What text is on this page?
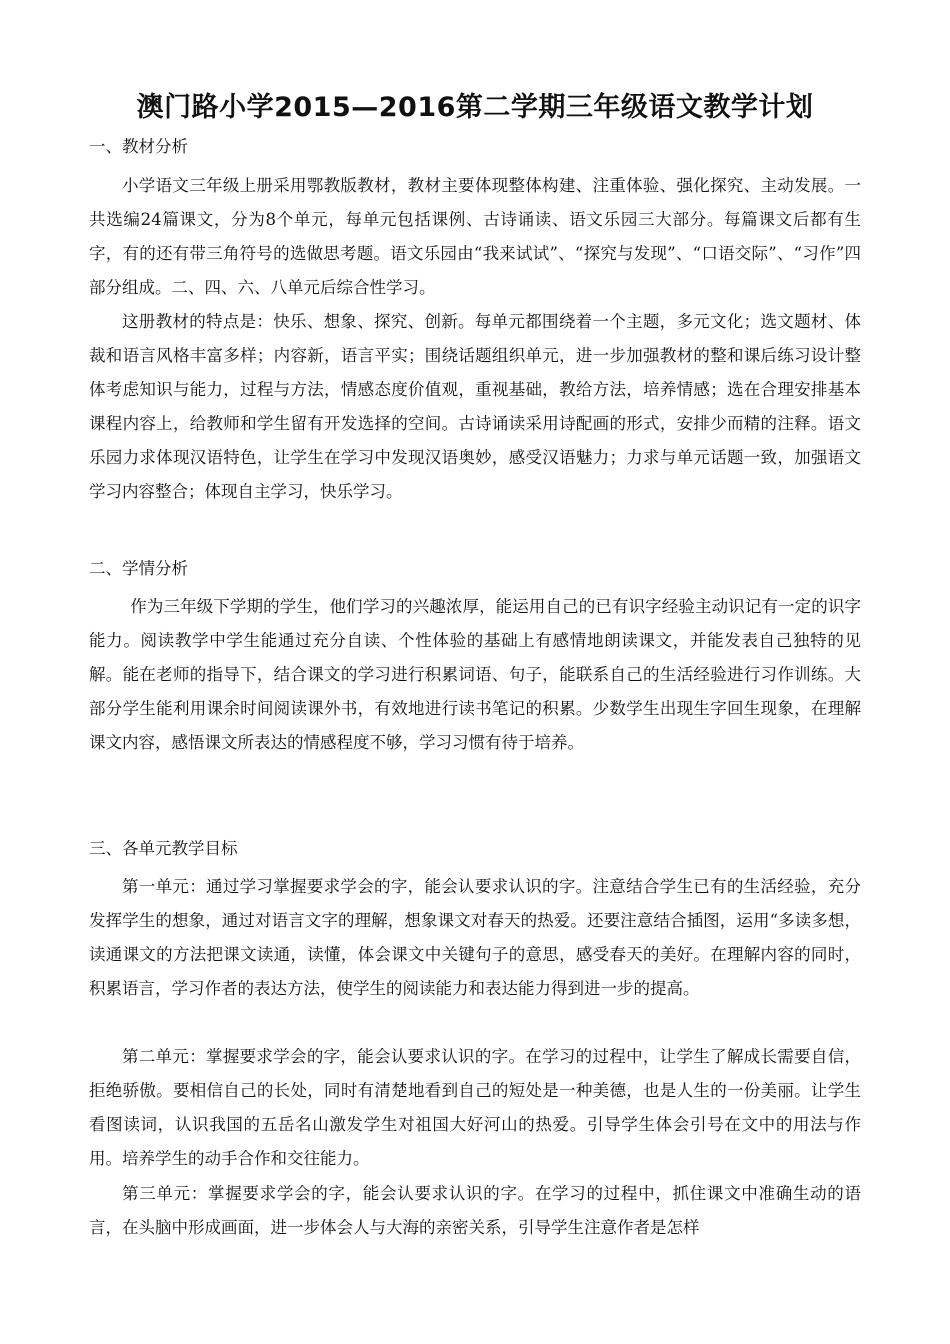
澳门路小学2015—2016第二学期三年级语文教学计划
一、教材分析

小学语文三年级上册采用鄂教版教材，教材主要体现整体构建、注重体验、强化探究、主动发展。一共选编24篇课文，分为8个单元，每单元包括课例、古诗诵读、语文乐园三大部分。每篇课文后都有生字，有的还有带三角符号的选做思考题。语文乐园由“我来试试”、“探究与发现”、“口语交际”、“习作”四部分组成。二、四、六、八单元后综合性学习。

这册教材的特点是：快乐、想象、探究、创新。每单元都围绕着一个主题，多元文化；选文题材、体裁和语言风格丰富多样；内容新，语言平实；围绕话题组织单元，进一步加强教材的整和课后练习设计整体考虑知识与能力，过程与方法，情感态度价值观，重视基础，教给方法，培养情感；选在合理安排基本课程内容上，给教师和学生留有开发选择的空间。古诗诵读采用诗配画的形式，安排少而精的注释。语文乐园力求体现汉语特色，让学生在学习中发现汉语奥妙，感受汉语魅力；力求与单元话题一致，加强语文学习内容整合；体现自主学习，快乐学习。

二、学情分析

作为三年级下学期的学生，他们学习的兴趣浓厚，能运用自己的已有识字经验主动识记有一定的识字能力。阅读教学中学生能通过充分自读、个性体验的基础上有感情地朗读课文，并能发表自己独特的见解。能在老师的指导下，结合课文的学习进行积累词语、句子，能联系自己的生活经验进行习作训练。大部分学生能利用课余时间阅读课外书，有效地进行读书笔记的积累。少数学生出现生字回生现象，在理解课文内容，感悟课文所表达的情感程度不够，学习习惯有待于培养。

三、各单元教学目标

第一单元：通过学习掌握要求学会的字，能会认要求认识的字。注意结合学生已有的生活经验，充分发挥学生的想象，通过对语言文字的理解，想象课文对春天的热爱。还要注意结合插图，运用“多读多想，读通课文的方法把课文读通，读懂，体会课文中关键句子的意思，感受春天的美好。在理解内容的同时，积累语言，学习作者的表达方法，使学生的阅读能力和表达能力得到进一步的提高。

第二单元：掌握要求学会的字，能会认要求认识的字。在学习的过程中，让学生了解成长需要自信，拒绝骄傲。要相信自己的长处，同时有清楚地看到自己的短处是一种美德，也是人生的一份美丽。让学生看图读词，认识我国的五岳名山激发学生对祖国大好河山的热爱。引导学生体会引号在文中的用法与作用。培养学生的动手合作和交往能力。

第三单元：掌握要求学会的字，能会认要求认识的字。在学习的过程中，抓住课文中准确生动的语言，在头脑中形成画面，进一步体会人与大海的亲密关系，引导学生注意作者是怎样
